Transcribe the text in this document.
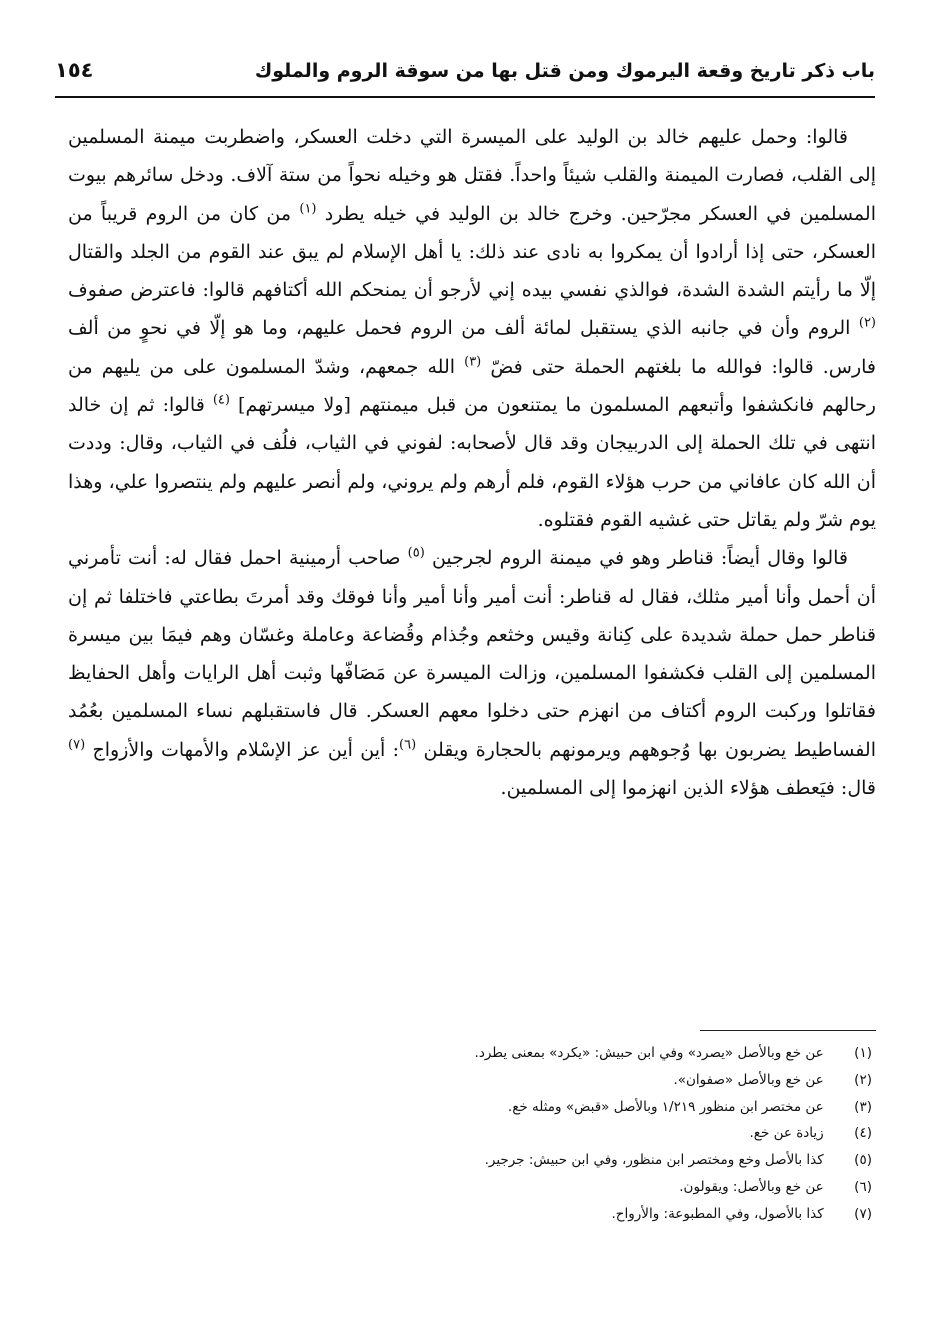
باب ذكر تاريخ وقعة اليرموك ومن قتل بها من سوقة الروم والملوك
١٥٤

قالوا: وحمل عليهم خالد بن الوليد على الميسرة التي دخلت العسكر، واضطربت ميمنة المسلمين إلى القلب، فصارت الميمنة والقلب شيئاً واحداً. فقتل هو وخيله نحواً من ستة آلاف. ودخل سائرهم بيوت المسلمين في العسكر مجرّحين. وخرج خالد بن الوليد في خيله يطرد $^{(١)}$ من كان من الروم قريباً من العسكر، حتى إذا أرادوا أن يمكروا به نادى عند ذلك: يا أهل الإسلام لم يبق عند القوم من الجلد والقتال إلّا ما رأيتم الشدة الشدة، فوالذي نفسي بيده إني لأرجو أن يمنحكم الله أكتافهم قالوا: فاعترض صفوف $^{(٢)}$ الروم وأن في جانبه الذي يستقبل لمائة ألف من الروم فحمل عليهم، وما هو إلّا في نحوٍ من ألف فارس. قالوا: فوالله ما بلغتهم الحملة حتى فضّ $^{(٣)}$ الله جمعهم، وشدّ المسلمون على من يليهم من رحالهم فانكشفوا وأتبعهم المسلمون ما يمتنعون من قبل ميمنتهم [ولا ميسرتهم] $^{(٤)}$ قالوا: ثم إن خالد انتهى في تلك الحملة إلى الدربيجان وقد قال لأصحابه: لفوني في الثياب، فلُف في الثياب، وقال: وددت أن الله كان عافاني من حرب هؤلاء القوم، فلم أرهم ولم يروني، ولم أنصر عليهم ولم ينتصروا علي، وهذا يوم شرّ ولم يقاتل حتى غشيه القوم فقتلوه.

قالوا وقال أيضاً: قناطر وهو في ميمنة الروم لجرجين $^{(٥)}$ صاحب أرمينية احمل فقال له: أنت تأمرني أن أحمل وأنا أمير مثلك، فقال له قناطر: أنت أمير وأنا أمير وأنا فوقك وقد أمرتَ بطاعتي فاختلفا ثم إن قناطر حمل حملة شديدة على كِنانة وقيس وخثعم وجُذام وقُضاعة وعاملة وغسّان وهم فيمَا بين ميسرة المسلمين إلى القلب فكشفوا المسلمين، وزالت الميسرة عن مَصَافّها وثبت أهل الرايات وأهل الحفايظ فقاتلوا وركبت الروم أكتاف من انهزم حتى دخلوا معهم العسكر. قال فاستقبلهم نساء المسلمين بعُمُد الفساطيط يضربون بها وُجوههم ويرمونهم بالحجارة ويقلن $^{(٦)}$: أين أين عز الإسْلام والأمهات والأزواج $^{(٧)}$ قال: فيَعطف هؤلاء الذين انهزموا إلى المسلمين.

(١) عن خ‍ع وبالأصل «يصرد» وفي ابن حبيش: «يكرد» بمعنى يطرد.
(٢) عن خ‍ع وبالأصل «صفوان».
(٣) عن مختصر ابن منظور ١/٢١٩ وبالأصل «قبض» ومثله خ‍ع.
(٤) زيادة عن خ‍ع.
(٥) كذا بالأصل وخ‍ع ومختصر ابن منظور، وفي ابن حبيش: جرجير.
(٦) عن خ‍ع وبالأصل: ويقولون.
(٧) كذا بالأصول، وفي المطبوعة: والأرواح.
